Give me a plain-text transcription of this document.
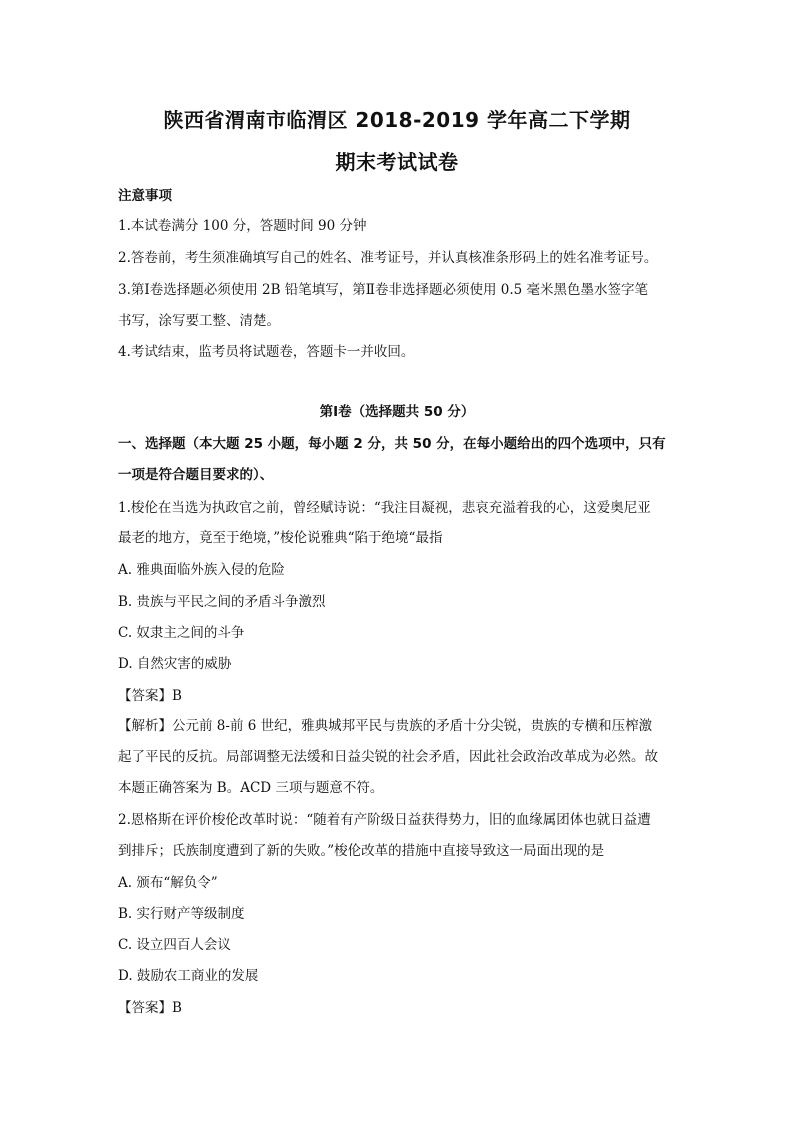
陕西省渭南市临渭区 2018-2019 学年高二下学期
期末考试试卷
注意事项
1.本试卷满分 100 分，答题时间 90 分钟
2.答卷前，考生须准确填写自己的姓名、准考证号，并认真核准条形码上的姓名准考证号。
3.第Ⅰ卷选择题必须使用 2B 铅笔填写，第Ⅱ卷非选择题必须使用 0.5 毫米黑色墨水签字笔
书写，涂写要工整、清楚。
4.考试结束，监考员将试题卷，答题卡一并收回。
第Ⅰ卷（选择题共 50 分）
一、选择题（本大题 25 小题，每小题 2 分，共 50 分，在每小题给出的四个选项中，只有
一项是符合题目要求的）、
1.梭伦在当选为执政官之前，曾经赋诗说：“我注目凝视，悲哀充溢着我的心，这爱奥尼亚
最老的地方，竟至于绝境，”梭伦说雅典“陷于绝境“最指
A. 雅典面临外族入侵的危险
B. 贵族与平民之间的矛盾斗争激烈
C. 奴隶主之间的斗争
D. 自然灾害的威胁
【答案】B
【解析】公元前 8-前 6 世纪，雅典城邦平民与贵族的矛盾十分尖锐，贵族的专横和压榨激
起了平民的反抗。局部调整无法缓和日益尖锐的社会矛盾，因此社会政治改革成为必然。故
本题正确答案为 B。ACD 三项与题意不符。
2.恩格斯在评价梭伦改革时说：“随着有产阶级日益获得势力，旧的血缘属团体也就日益遭
到排斥；氏族制度遭到了新的失败。”梭伦改革的措施中直接导致这一局面出现的是
A. 颁布“解负令”
B. 实行财产等级制度
C. 设立四百人会议
D. 鼓励农工商业的发展
【答案】B
